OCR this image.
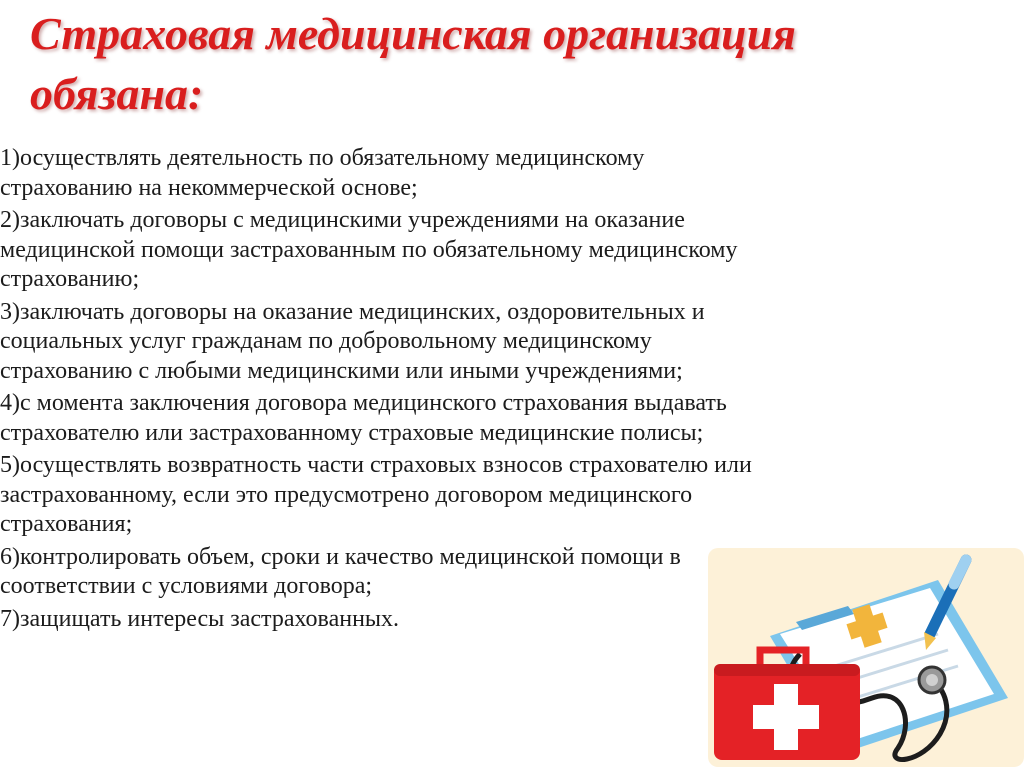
Страховая медицинская организация
обязана:
1)осуществлять деятельность по обязательному медицинскому
страхованию на некоммерческой основе;
2)заключать договоры с медицинскими учреждениями на оказание
медицинской помощи застрахованным по обязательному медицинскому
страхованию;
3)заключать договоры на оказание медицинских, оздоровительных и
социальных услуг гражданам по добровольному медицинскому
страхованию с любыми медицинскими или иными учреждениями;
4)с момента заключения договора медицинского страхования выдавать
страхователю или застрахованному страховые медицинские полисы;
5)осуществлять возвратность части страховых взносов страхователю или
застрахованному, если это предусмотрено договором медицинского
страхования;
6)контролировать объем, сроки и качество медицинской помощи в
соответствии с условиями договора;
7)защищать интересы застрахованных.
